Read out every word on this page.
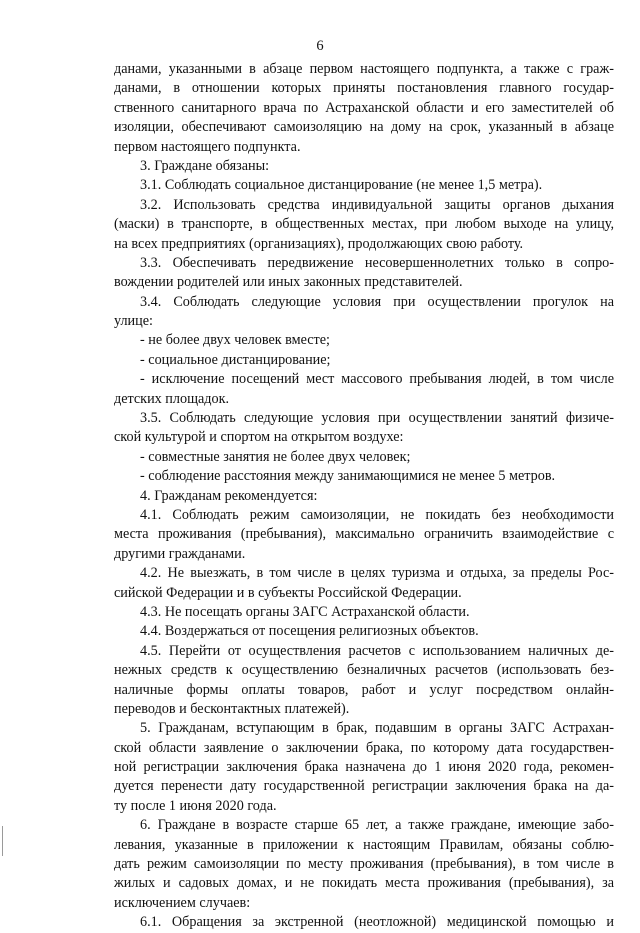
6
данами, указанными в абзаце первом настоящего подпункта, а также с граж-
данами, в отношении которых приняты постановления главного государ-
ственного санитарного врача по Астраханской области и его заместителей об
изоляции, обеспечивают самоизоляцию на дому на срок, указанный в абзаце
первом настоящего подпункта.
3. Граждане обязаны:
3.1. Соблюдать социальное дистанцирование (не менее 1,5 метра).
3.2. Использовать средства индивидуальной защиты органов дыхания
(маски) в транспорте, в общественных местах, при любом выходе на улицу,
на всех предприятиях (организациях), продолжающих свою работу.
3.3. Обеспечивать передвижение несовершеннолетних только в сопро-
вождении родителей или иных законных представителей.
3.4. Соблюдать следующие условия при осуществлении прогулок на
улице:
- не более двух человек вместе;
- социальное дистанцирование;
- исключение посещений мест массового пребывания людей, в том числе
детских площадок.
3.5. Соблюдать следующие условия при осуществлении занятий физиче-
ской культурой и спортом на открытом воздухе:
- совместные занятия не более двух человек;
- соблюдение расстояния между занимающимися не менее 5 метров.
4. Гражданам рекомендуется:
4.1. Соблюдать режим самоизоляции, не покидать без необходимости
места проживания (пребывания), максимально ограничить взаимодействие с
другими гражданами.
4.2. Не выезжать, в том числе в целях туризма и отдыха, за пределы Рос-
сийской Федерации и в субъекты Российской Федерации.
4.3. Не посещать органы ЗАГС Астраханской области.
4.4. Воздержаться от посещения религиозных объектов.
4.5. Перейти от осуществления расчетов с использованием наличных де-
нежных средств к осуществлению безналичных расчетов (использовать без-
наличные формы оплаты товаров, работ и услуг посредством онлайн-
переводов и бесконтактных платежей).
5. Гражданам, вступающим в брак, подавшим в органы ЗАГС Астрахан-
ской области заявление о заключении брака, по которому дата государствен-
ной регистрации заключения брака назначена до 1 июня 2020 года, рекомен-
дуется перенести дату государственной регистрации заключения брака на да-
ту после 1 июня 2020 года.
6. Граждане в возрасте старше 65 лет, а также граждане, имеющие забо-
левания, указанные в приложении к настоящим Правилам, обязаны соблю-
дать режим самоизоляции по месту проживания (пребывания), в том числе в
жилых и садовых домах, и не покидать места проживания (пребывания), за
исключением случаев:
6.1. Обращения за экстренной (неотложной) медицинской помощью и
